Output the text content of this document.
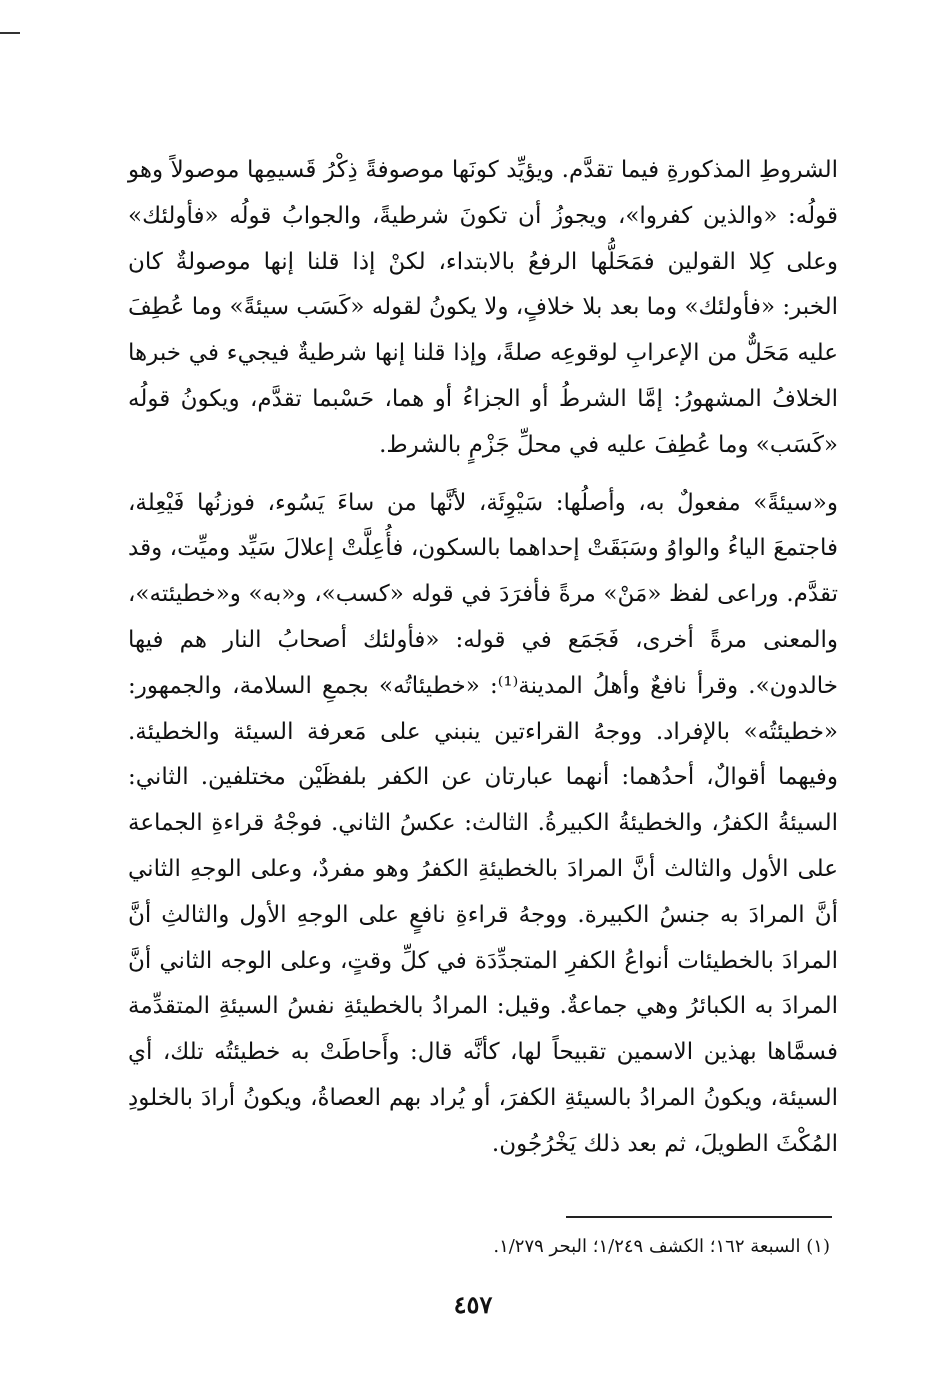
الشروطِ المذكورةِ فيما تقدَّم. ويؤيِّد كونَها موصوفةً ذِكْرُ قَسيمِها موصولاً وهو قولُه: «والذين كفروا»، ويجوزُ أن تكونَ شرطيةً، والجوابُ قولُه «فأولئك» وعلى كِلا القولين فمَحَلُّها الرفعُ بالابتداء، لكنْ إذا قلنا إنها موصولةٌ كان الخبر: «فأولئك» وما بعد بلا خلافٍ، ولا يكونُ لقوله «كَسَب سيئةً» وما عُطِفَ عليه مَحَلٌّ من الإعرابِ لوقوعِه صلةً، وإذا قلنا إنها شرطيةٌ فيجيء في خبرها الخلافُ المشهورُ: إمَّا الشرطُ أو الجزاءُ أو هما، حَسْبما تقدَّم، ويكونُ قولُه «كَسَب» وما عُطِفَ عليه في محلِّ جَزْمٍ بالشرط.

و«سيئةً» مفعولٌ به، وأصلُها: سَيْوِئَة، لأنَّها من ساءَ يَسُوء، فوزنُها فَيْعِلة، فاجتمعَ الياءُ والواوُ وسَبَقَتْ إحداهما بالسكون، فأُعِلَّتْ إعلالَ سَيِّد وميِّت، وقد تقدَّم. وراعى لفظ «مَنْ» مرةً فأفرَدَ في قوله «كسب»، و«به» و«خطيئته»، والمعنى مرةً أخرى، فَجَمَع في قوله: «فأولئك أصحابُ النار هم فيها خالدون». وقرأ نافعٌ وأهلُ المدينة⁽¹⁾: «خطيئاتُه» بجمعِ السلامة، والجمهور: «خطيئتُه» بالإفراد. ووجهُ القراءتين ينبني على مَعرفة السيئة والخطيئة. وفيهما أقوالٌ، أحدُهما: أنهما عبارتان عن الكفر بلفظَيْن مختلفين. الثاني: السيئةُ الكفرُ، والخطيئةُ الكبيرةُ. الثالث: عكسُ الثاني. فوجْهُ قراءةِ الجماعة على الأول والثالث أنَّ المرادَ بالخطيئةِ الكفرُ وهو مفردٌ، وعلى الوجهِ الثاني أنَّ المرادَ به جنسُ الكبيرة. ووجهُ قراءةِ نافعٍ على الوجهِ الأول والثالثِ أنَّ المرادَ بالخطيئات أنواعُ الكفرِ المتجدِّدَة في كلِّ وقتٍ، وعلى الوجه الثاني أنَّ المرادَ به الكبائرُ وهي جماعةٌ. وقيل: المرادُ بالخطيئةِ نفسُ السيئةِ المتقدِّمة فسمَّاها بهذين الاسمين تقبيحاً لها، كأنَّه قال: وأَحاطَتْ به خطيئتُه تلك، أي السيئة، ويكونُ المرادُ بالسيئةِ الكفرَ، أو يُراد بهم العصاةُ، ويكونُ أرادَ بالخلودِ المُكْثَ الطويلَ، ثم بعد ذلك يَخْرُجُون.

(١) السبعة ١٦٢؛ الكشف ١/٢٤٩؛ البحر ١/٢٧٩.
٤٥٧
